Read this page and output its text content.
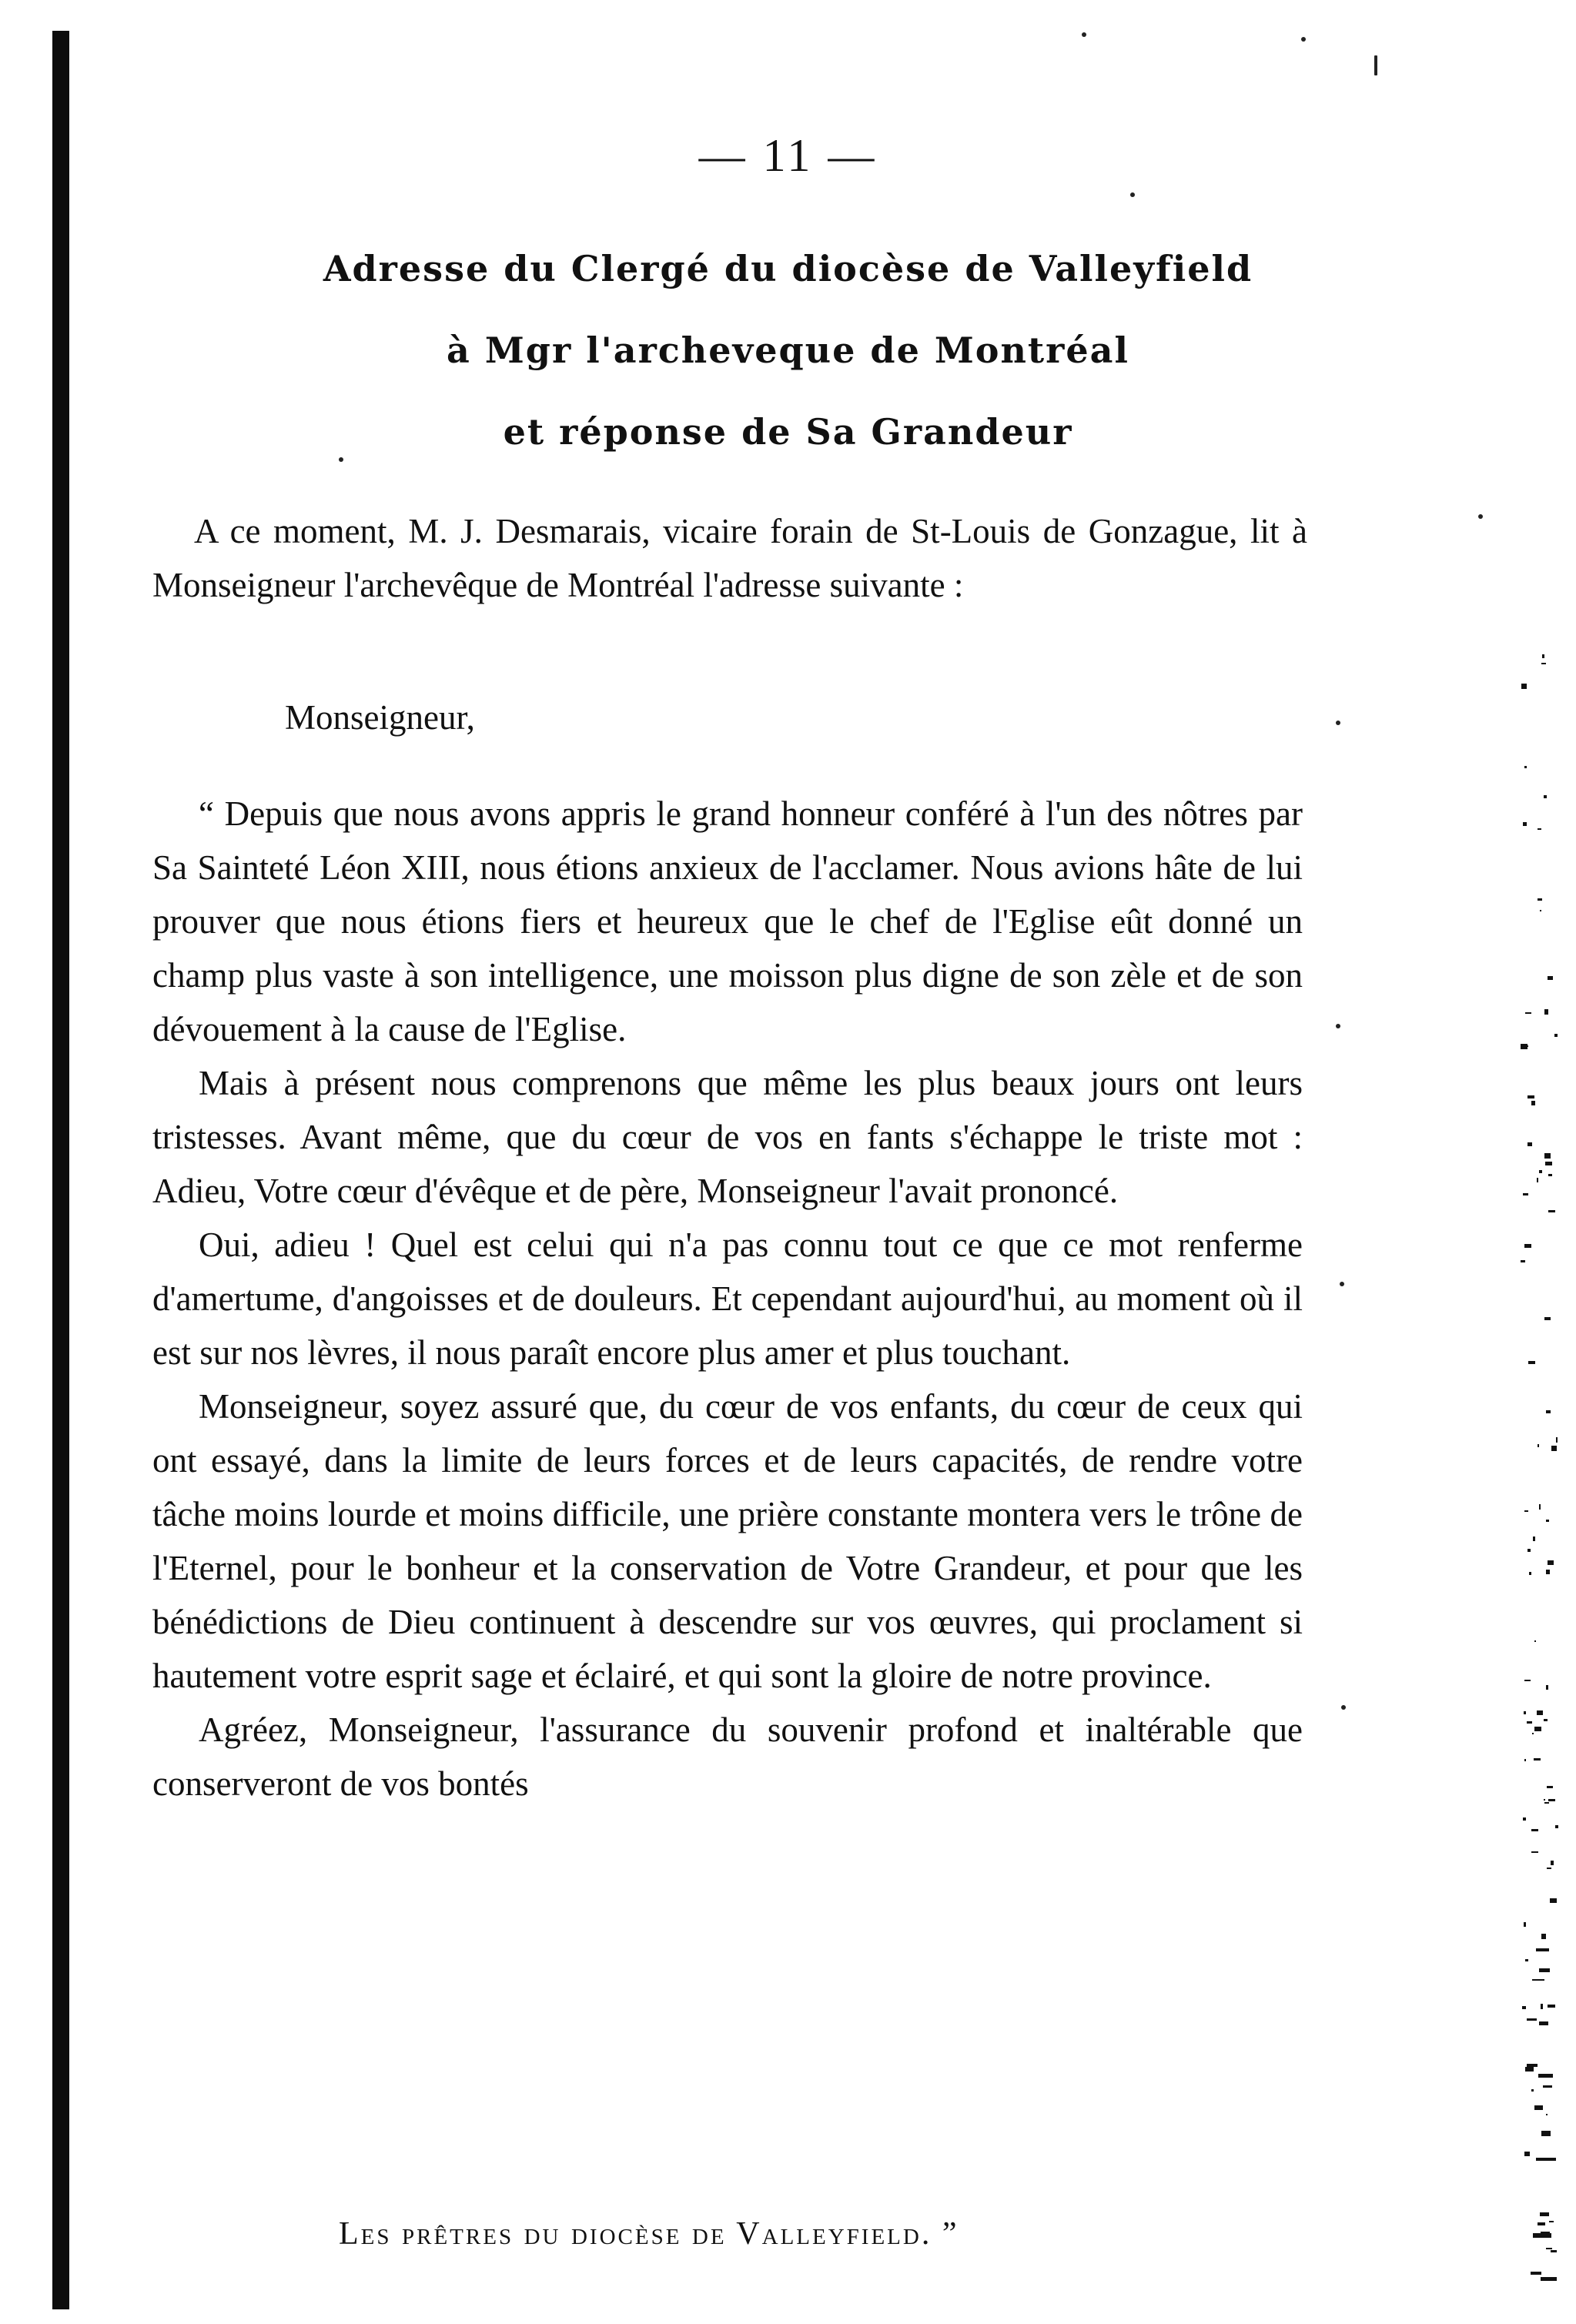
— 11 —
Adresse du Clergé du diocèse de Valleyfield
à Mgr l'archeveque de Montréal
et réponse de Sa Grandeur

A ce moment, M. J. Desmarais, vicaire forain de St-Louis de Gonzague, lit à Monseigneur l'archevêque de Montréal l'adresse suivante :

Monseigneur,

“ Depuis que nous avons appris le grand honneur conféré à l'un des nôtres par Sa Sainteté Léon XIII, nous étions anxieux de l'acclamer. Nous avions hâte de lui prouver que nous étions fiers et heureux que le chef de l'Eglise eût donné un champ plus vaste à son intelligence, une moisson plus digne de son zèle et de son dévouement à la cause de l'Eglise.

Mais à présent nous comprenons que même les plus beaux jours ont leurs tristesses. Avant même, que du cœur de vos en fants s'échappe le triste mot : Adieu, Votre cœur d'évêque et de père, Monseigneur l'avait prononcé.

Oui, adieu ! Quel est celui qui n'a pas connu tout ce que ce mot renferme d'amertume, d'angoisses et de douleurs. Et cependant aujourd'hui, au moment où il est sur nos lèvres, il nous paraît encore plus amer et plus touchant.

Monseigneur, soyez assuré que, du cœur de vos enfants, du cœur de ceux qui ont essayé, dans la limite de leurs forces et de leurs capacités, de rendre votre tâche moins lourde et moins difficile, une prière constante montera vers le trône de l'Eternel, pour le bonheur et la conservation de Votre Grandeur, et pour que les bénédictions de Dieu continuent à descendre sur vos œuvres, qui proclament si hautement votre esprit sage et éclairé, et qui sont la gloire de notre province.

Agréez, Monseigneur, l'assurance du souvenir profond et inaltérable que conserveront de vos bontés

Les prêtres du diocèse de Valleyfield. ”
